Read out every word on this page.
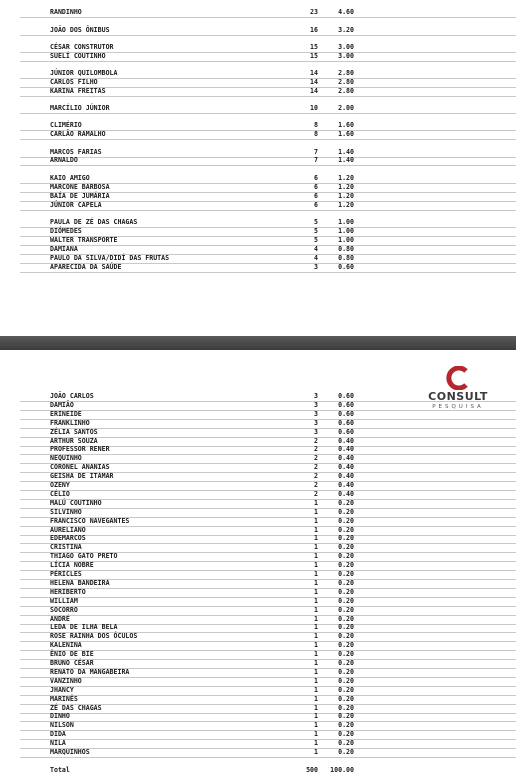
RANDINHO	23	4.60
JOÃO DOS ÔNIBUS	16	3.20
CÉSAR CONSTRUTOR	15	3.00
SUELÍ COUTINHO	15	3.00
JÚNIOR QUILOMBOLA	14	2.80
CARLOS FILHO	14	2.80
KARINA FREITAS	14	2.80
MARCÍLIO JÚNIOR	10	2.00
CLIMÉRIO	8	1.60
CARLÃO RAMALHO	8	1.60
MARCOS FARIAS	7	1.40
ARNALDO	7	1.40
KAIO AMIGO	6	1.20
MARCONE BARBOSA	6	1.20
BAÍA DE JUMÁRIA	6	1.20
JÚNIOR CAPELA	6	1.20
PAULA DE ZÉ DAS CHAGAS	5	1.00
DIÓMEDES	5	1.00
WALTER TRANSPORTE	5	1.00
DAMIANA	4	0.80
PAULO DA SILVA/DIDÍ DAS FRUTAS	4	0.80
APARECIDA DA SAÚDE	3	0.60
CONSULT
PESQUISA
JOÃO CARLOS	3	0.60
DAMIÃO	3	0.60
ERINEIDE	3	0.60
FRANKLINHO	3	0.60
ZÉLIA SANTOS	3	0.60
ARTHUR SOUZA	2	0.40
PROFESSOR RENER	2	0.40
NEQUINHO	2	0.40
CORONEL ANANIAS	2	0.40
GEISHA DE ITAMAR	2	0.40
OZENY	2	0.40
CÉLIO	2	0.40
MALÚ COUTINHO	1	0.20
SILVINHO	1	0.20
FRANCISCO NAVEGANTES	1	0.20
AURELIANO	1	0.20
EDEMARCOS	1	0.20
CRISTINA	1	0.20
THIAGO GATO PRETO	1	0.20
LÍCIA NOBRE	1	0.20
PÉRICLES	1	0.20
HELENA BANDEIRA	1	0.20
HERIBERTO	1	0.20
WILLIAM	1	0.20
SOCORRO	1	0.20
ANDRÉ	1	0.20
LEDA DE ILHA BELA	1	0.20
ROSE RAINHA DOS ÓCULOS	1	0.20
KALENINA	1	0.20
ÊNIO DE BIE	1	0.20
BRUNO CÉSAR	1	0.20
RENATO DA MANGABEIRA	1	0.20
VANZINHO	1	0.20
JHANCY	1	0.20
MARINÊS	1	0.20
ZÉ DAS CHAGAS	1	0.20
DINHO	1	0.20
NILSON	1	0.20
DIDA	1	0.20
NILA	1	0.20
MARQUINHOS	1	0.20
Total	500	100.00
